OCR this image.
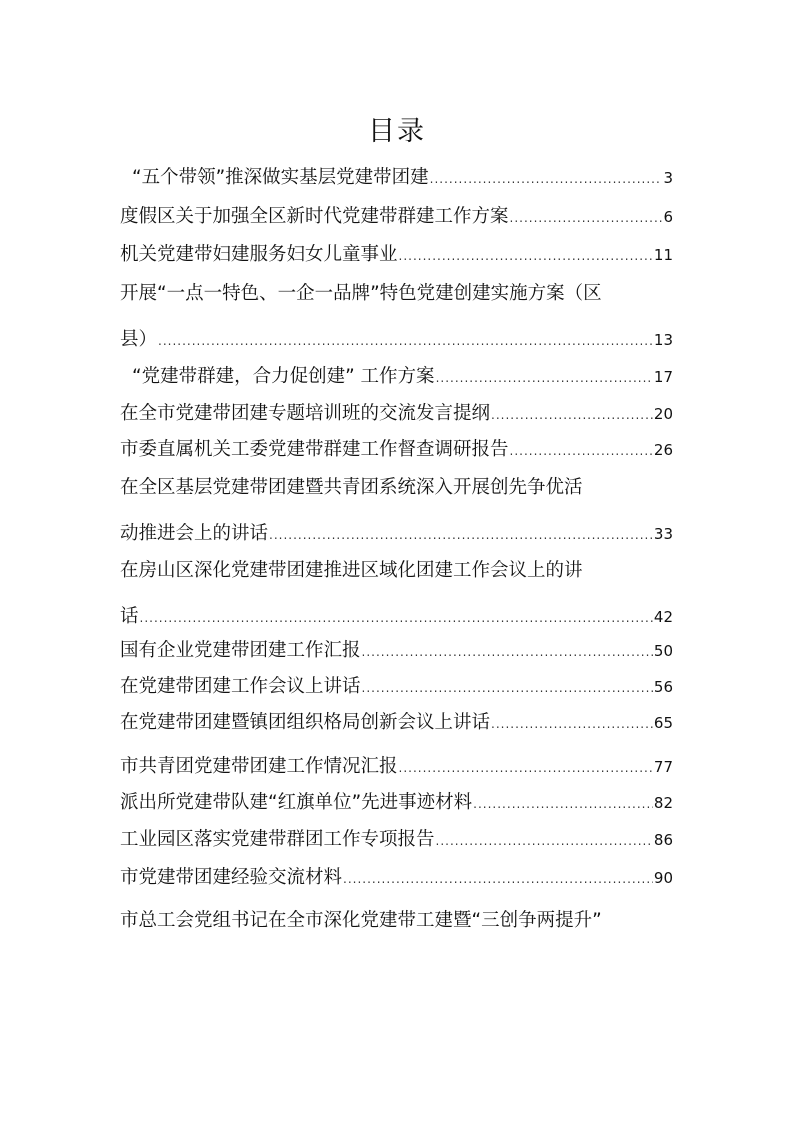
目录
“五个带领”推深做实基层党建带团建 .....	3
度假区关于加强全区新时代党建带群建工作方案 .....	6
机关党建带妇建服务妇女儿童事业 .....	11
开展“一点一特色、一企一品牌”特色党建创建实施方案（区
县） .....	13
“党建带群建，合力促创建” 工作方案 .....	17
在全市党建带团建专题培训班的交流发言提纲 .....	20
市委直属机关工委党建带群建工作督查调研报告 .....	26
在全区基层党建带团建暨共青团系统深入开展创先争优活
动推进会上的讲话 .....	33
在房山区深化党建带团建推进区域化团建工作会议上的讲
话 .....	42
国有企业党建带团建工作汇报 .....	50
在党建带团建工作会议上讲话 .....	56
在党建带团建暨镇团组织格局创新会议上讲话 .....	65
市共青团党建带团建工作情况汇报 .....	77
派出所党建带队建“红旗单位”先进事迹材料 .....	82
工业园区落实党建带群团工作专项报告 .....	86
市党建带团建经验交流材料 .....	90
市总工会党组书记在全市深化党建带工建暨“三创争两提升”
